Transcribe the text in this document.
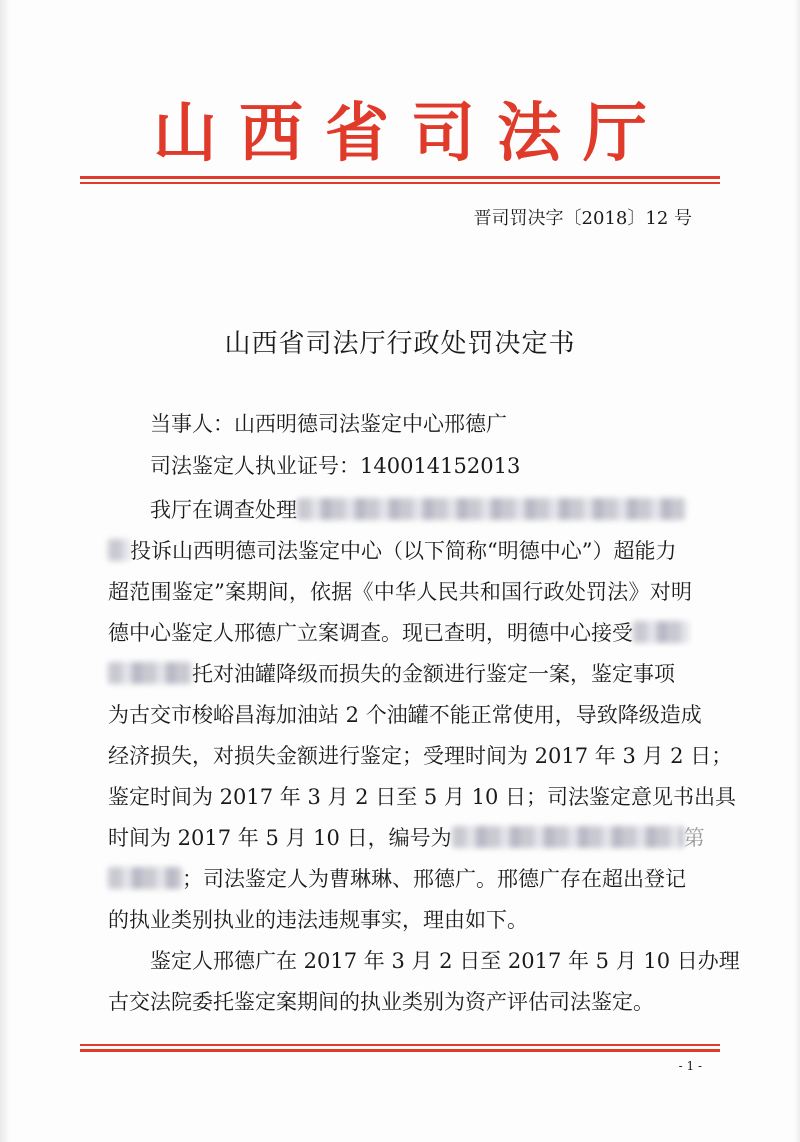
山西省司法厅
晋司罚决字〔2018〕12 号
山西省司法厅行政处罚决定书
当事人：山西明德司法鉴定中心邢德广
司法鉴定人执业证号：140014152013
我厅在调查处理
投诉山西明德司法鉴定中心（以下简称“明德中心”）超能力
超范围鉴定”案期间，依据《中华人民共和国行政处罚法》对明
德中心鉴定人邢德广立案调查。现已查明，明德中心接受
托对油罐降级而损失的金额进行鉴定一案，鉴定事项
为古交市梭峪昌海加油站 2 个油罐不能正常使用，导致降级造成
经济损失，对损失金额进行鉴定；受理时间为 2017 年 3 月 2 日；
鉴定时间为 2017 年 3 月 2 日至 5 月 10 日；司法鉴定意见书出具
时间为 2017 年 5 月 10 日，编号为	第
；司法鉴定人为曹琳琳、邢德广。邢德广存在超出登记
的执业类别执业的违法违规事实，理由如下。
鉴定人邢德广在 2017 年 3 月 2 日至 2017 年 5 月 10 日办理
古交法院委托鉴定案期间的执业类别为资产评估司法鉴定。
- 1 -
